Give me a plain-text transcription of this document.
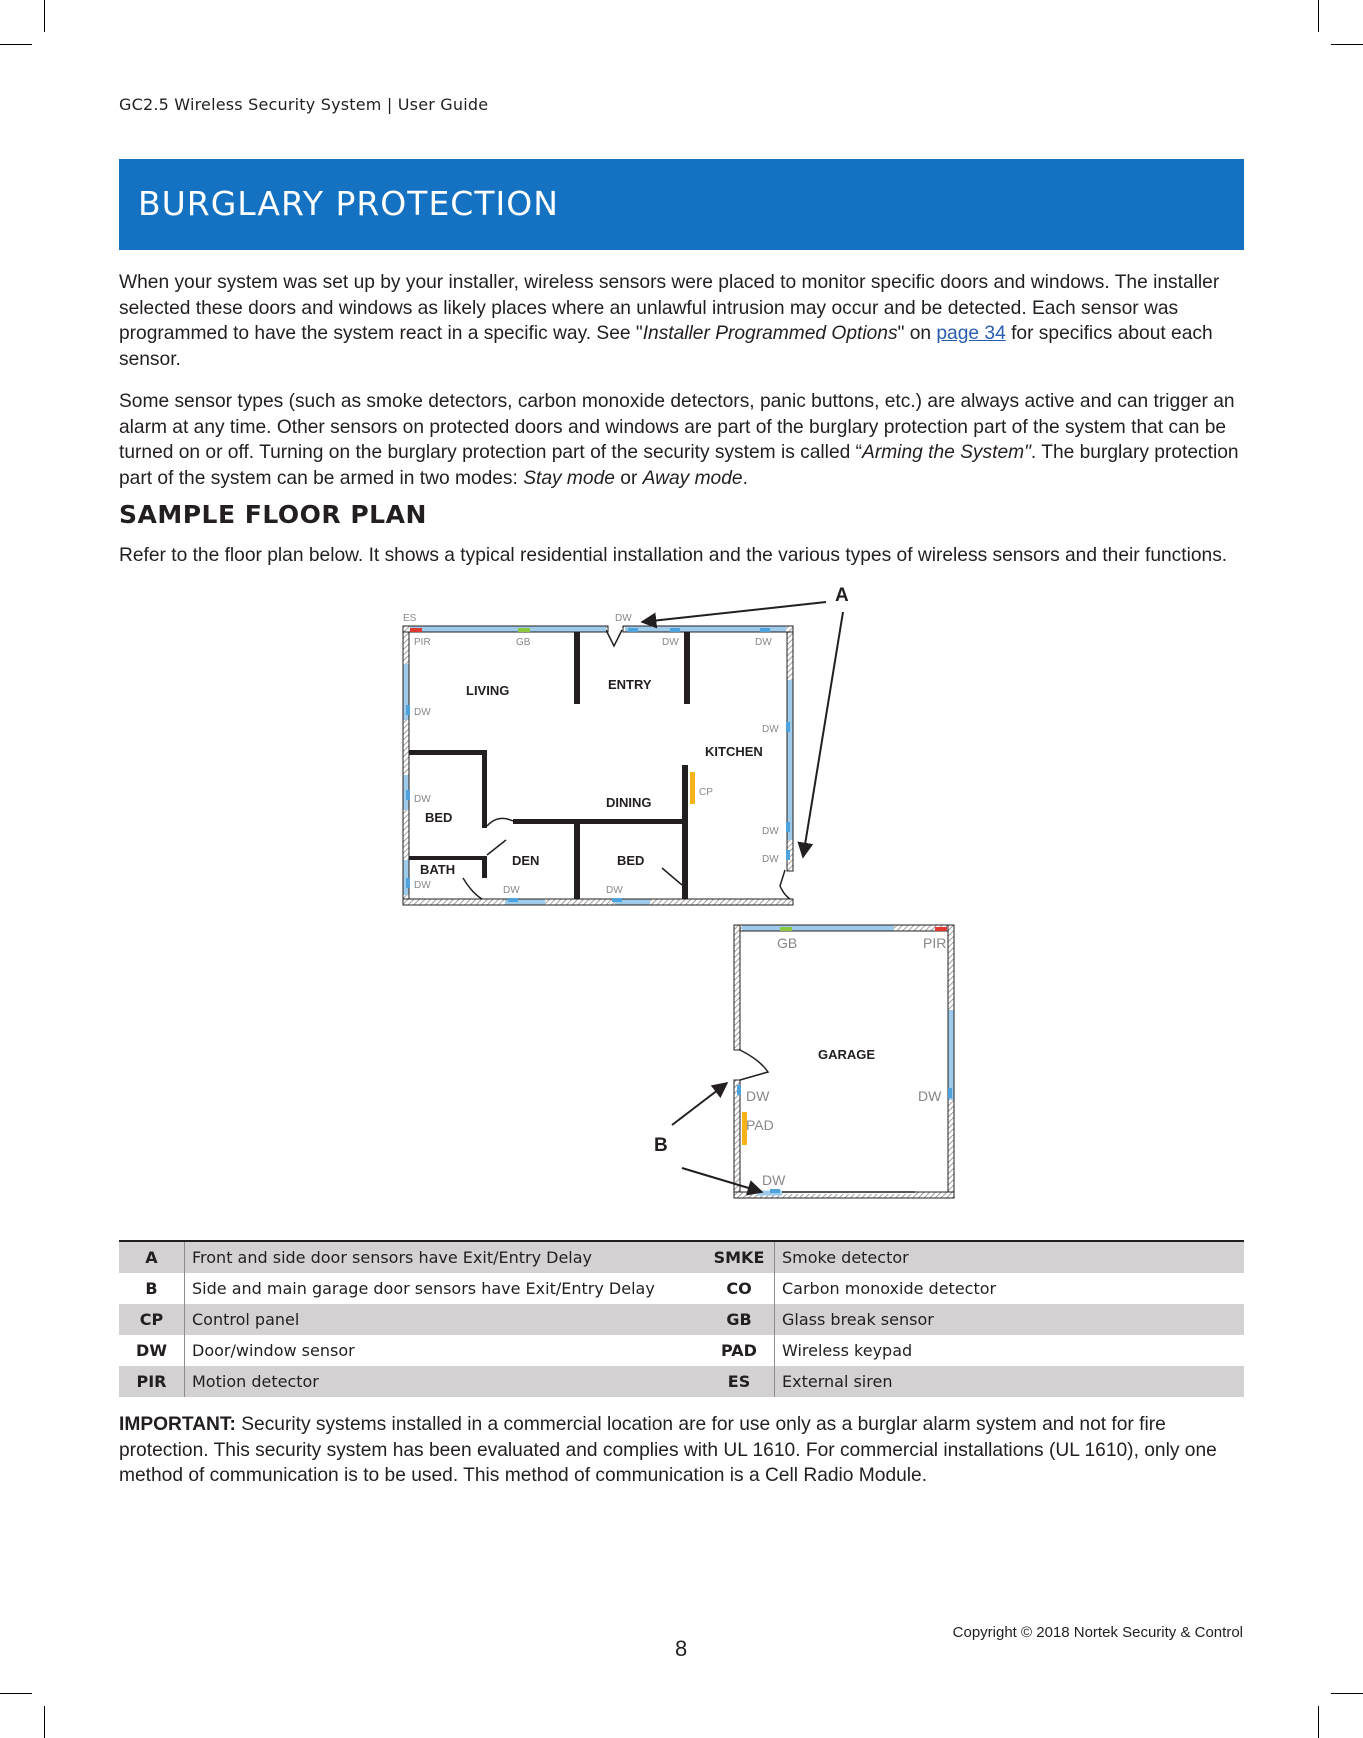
GC2.5 Wireless Security System | User Guide
BURGLARY PROTECTION

When your system was set up by your installer, wireless sensors were placed to monitor specific doors and windows. The installer selected these doors and windows as likely places where an unlawful intrusion may occur and be detected. Each sensor was programmed to have the system react in a specific way. See "Installer Programmed Options" on page 34 for specifics about each sensor.

Some sensor types (such as smoke detectors, carbon monoxide detectors, panic buttons, etc.) are always active and can trigger an alarm at any time. Other sensors on protected doors and windows are part of the burglary protection part of the system that can be turned on or off. Turning on the burglary protection part of the security system is called “Arming the System". The burglary protection part of the system can be armed in two modes: Stay mode or Away mode.

SAMPLE FLOOR PLAN

Refer to the floor plan below. It shows a typical residential installation and the various types of wireless sensors and their functions.

LIVING	ENTRY
KITCHEN
DINING
BED
BATH
DEN	BED
ES	DW
PIR	GB	DW	DW
DW
DW
DW
CP
DW
DW
DW	DW	DW
GB	PIR
DW	DW
PAD
DW
GARAGE
A
B
A	Front and side door sensors have Exit/Entry Delay	SMKE	Smoke detector
B	Side and main garage door sensors have Exit/Entry Delay	CO	Carbon monoxide detector
CP	Control panel	GB	Glass break sensor
DW	Door/window sensor	PAD	Wireless keypad
PIR	Motion detector	ES	External siren

IMPORTANT: Security systems installed in a commercial location are for use only as a burglar alarm system and not for fire protection. This security system has been evaluated and complies with UL 1610. For commercial installations (UL 1610), only one method of communication is to be used. This method of communication is a Cell Radio Module.

Copyright © 2018 Nortek Security & Control
8
